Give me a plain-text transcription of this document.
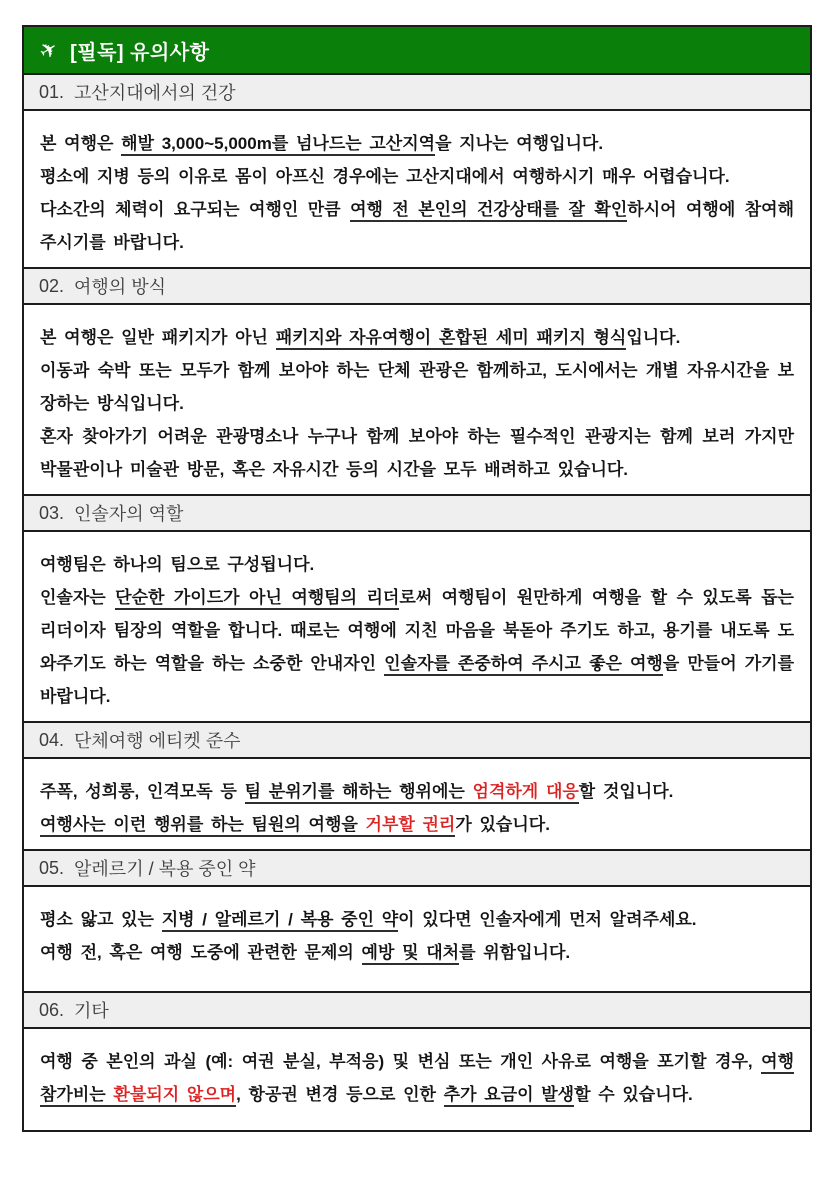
✈ [필독] 유의사항
01. 고산지대에서의 건강

본 여행은 해발 3,000~5,000m를 넘나드는 고산지역을 지나는 여행입니다.

평소에 지병 등의 이유로 몸이 아프신 경우에는 고산지대에서 여행하시기 매우 어렵습니다.

다소간의 체력이 요구되는 여행인 만큼 여행 전 본인의 건강상태를 잘 확인하시어 여행에 참여해 주시기를 바랍니다.

02. 여행의 방식

본 여행은 일반 패키지가 아닌 패키지와 자유여행이 혼합된 세미 패키지 형식입니다.

이동과 숙박 또는 모두가 함께 보아야 하는 단체 관광은 함께하고, 도시에서는 개별 자유시간을 보장하는 방식입니다.

혼자 찾아가기 어려운 관광명소나 누구나 함께 보아야 하는 필수적인 관광지는 함께 보러 가지만 박물관이나 미술관 방문, 혹은 자유시간 등의 시간을 모두 배려하고 있습니다.

03. 인솔자의 역할

여행팀은 하나의 팀으로 구성됩니다.

인솔자는 단순한 가이드가 아닌 여행팀의 리더로써 여행팀이 원만하게 여행을 할 수 있도록 돕는 리더이자 팀장의 역할을 합니다. 때로는 여행에 지친 마음을 북돋아 주기도 하고, 용기를 내도록 도와주기도 하는 역할을 하는 소중한 안내자인 인솔자를 존중하여 주시고 좋은 여행을 만들어 가기를 바랍니다.

04. 단체여행 에티켓 준수

주폭, 성희롱, 인격모독 등 팀 분위기를 해하는 행위에는 엄격하게 대응할 것입니다.

여행사는 이런 행위를 하는 팀원의 여행을 거부할 권리가 있습니다.

05. 알레르기 / 복용 중인 약

평소 앓고 있는 지병 / 알레르기 / 복용 중인 약이 있다면 인솔자에게 먼저 알려주세요.

여행 전, 혹은 여행 도중에 관련한 문제의 예방 및 대처를 위함입니다.

06. 기타

여행 중 본인의 과실 (예: 여권 분실, 부적응) 및 변심 또는 개인 사유로 여행을 포기할 경우, 여행 참가비는 환불되지 않으며, 항공권 변경 등으로 인한 추가 요금이 발생할 수 있습니다.
